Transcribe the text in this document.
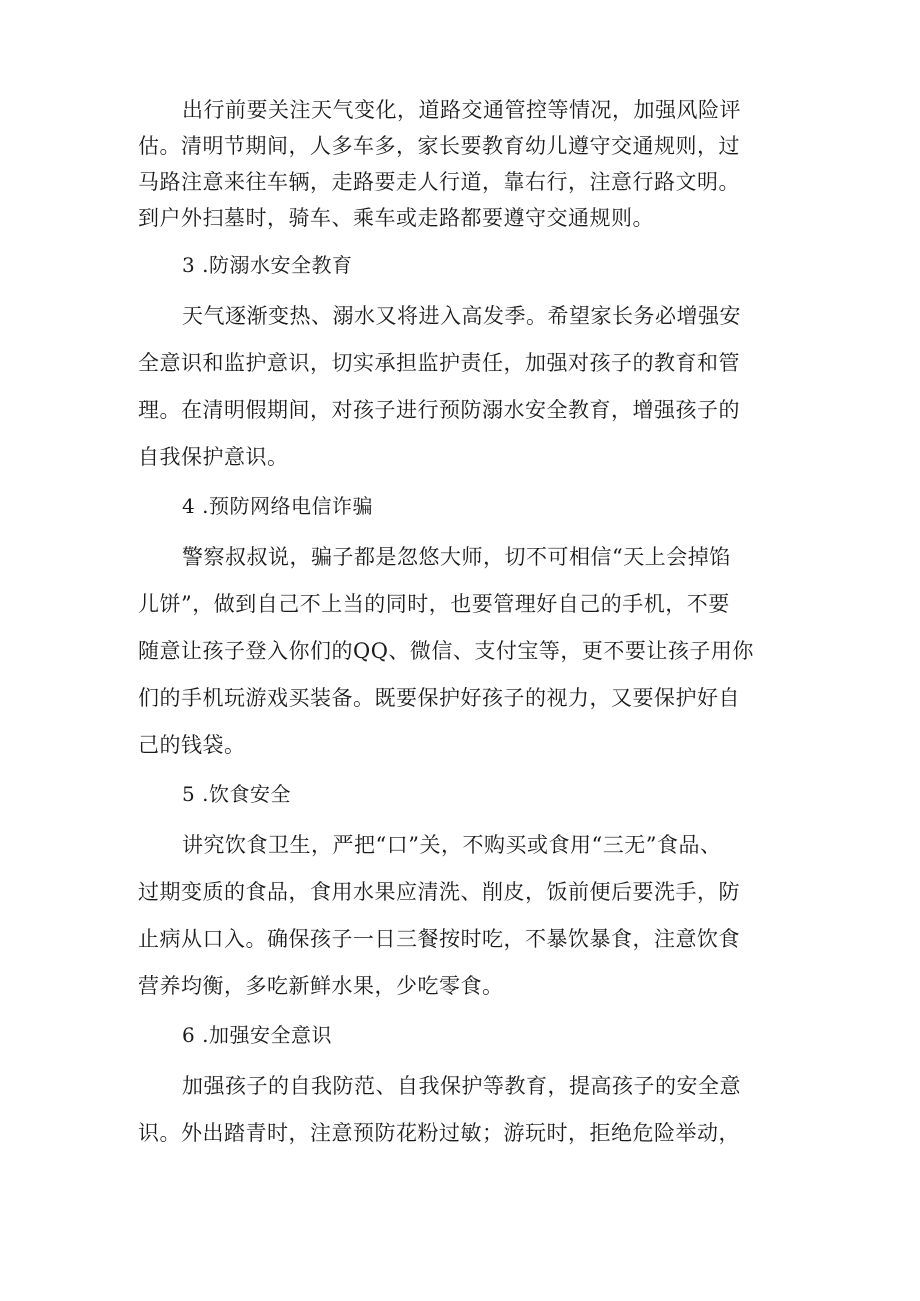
出行前要关注天气变化，道路交通管控等情况，加强风险评
估。清明节期间，人多车多，家长要教育幼儿遵守交通规则，过
马路注意来往车辆，走路要走人行道，靠右行，注意行路文明。
到户外扫墓时，骑车、乘车或走路都要遵守交通规则。
3 .防溺水安全教育
天气逐渐变热、溺水又将进入高发季。希望家长务必增强安
全意识和监护意识，切实承担监护责任，加强对孩子的教育和管
理。在清明假期间，对孩子进行预防溺水安全教育，增强孩子的
自我保护意识。
4 .预防网络电信诈骗
警察叔叔说，骗子都是忽悠大师，切不可相信“天上会掉馅
儿饼”，做到自己不上当的同时，也要管理好自己的手机，不要
随意让孩子登入你们的QQ、微信、支付宝等，更不要让孩子用你
们的手机玩游戏买装备。既要保护好孩子的视力，又要保护好自
己的钱袋。
5 .饮食安全
讲究饮食卫生，严把“口”关，不购买或食用“三无”食品、
过期变质的食品，食用水果应清洗、削皮，饭前便后要洗手，防
止病从口入。确保孩子一日三餐按时吃，不暴饮暴食，注意饮食
营养均衡，多吃新鲜水果，少吃零食。
6 .加强安全意识
加强孩子的自我防范、自我保护等教育，提高孩子的安全意
识。外出踏青时，注意预防花粉过敏；游玩时，拒绝危险举动，
